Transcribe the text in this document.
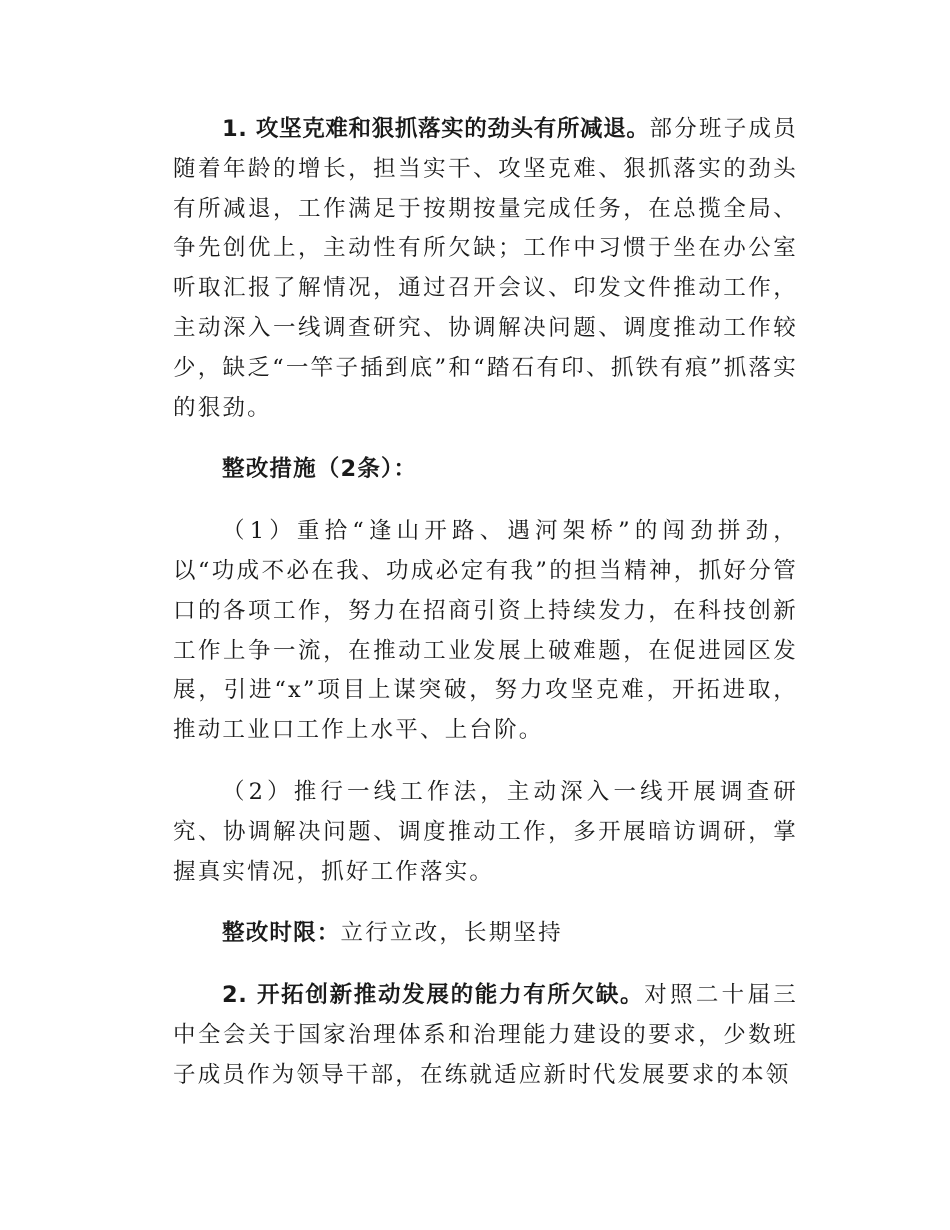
1. 攻坚克难和狠抓落实的劲头有所减退。部分班子成员随着年龄的增长，担当实干、攻坚克难、狠抓落实的劲头有所减退，工作满足于按期按量完成任务，在总揽全局、争先创优上，主动性有所欠缺；工作中习惯于坐在办公室听取汇报了解情况，通过召开会议、印发文件推动工作，主动深入一线调查研究、协调解决问题、调度推动工作较少，缺乏“一竿子插到底”和“踏石有印、抓铁有痕”抓落实的狠劲。

整改措施（2条）：

（1）重拾“逢山开路、遇河架桥”的闯劲拼劲，以“功成不必在我、功成必定有我”的担当精神，抓好分管口的各项工作，努力在招商引资上持续发力，在科技创新工作上争一流，在推动工业发展上破难题，在促进园区发展，引进“x”项目上谋突破，努力攻坚克难，开拓进取，推动工业口工作上水平、上台阶。

（2）推行一线工作法，主动深入一线开展调查研究、协调解决问题、调度推动工作，多开展暗访调研，掌握真实情况，抓好工作落实。

整改时限：立行立改，长期坚持

2. 开拓创新推动发展的能力有所欠缺。对照二十届三中全会关于国家治理体系和治理能力建设的要求，少数班子成员作为领导干部，在练就适应新时代发展要求的本领
